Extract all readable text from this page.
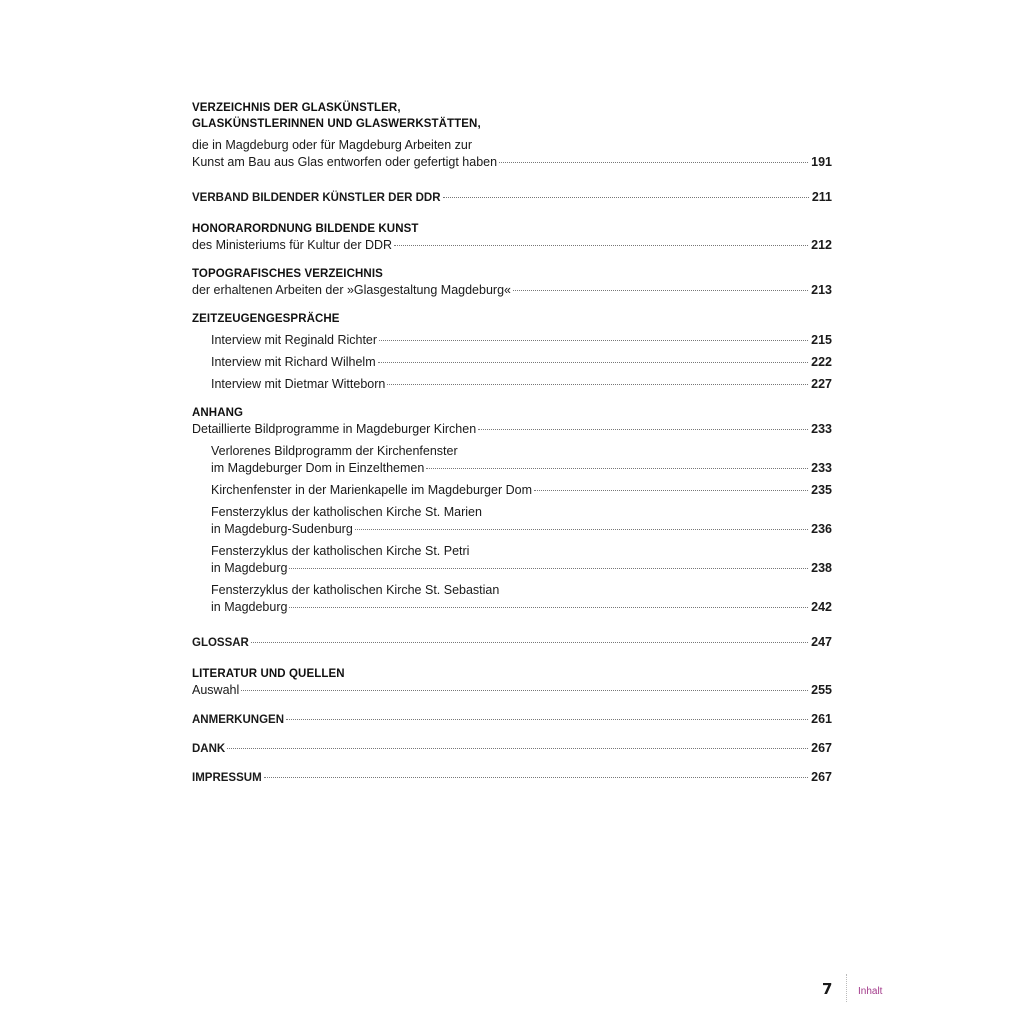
VERZEICHNIS DER GLASKÜNSTLER,
GLASKÜNSTLERINNEN UND GLASWERKSTÄTTEN,
die in Magdeburg oder für Magdeburg Arbeiten zur
Kunst am Bau aus Glas entworfen oder gefertigt haben	191
VERBAND BILDENDER KÜNSTLER DER DDR	211
HONORARORDNUNG BILDENDE KUNST
des Ministeriums für Kultur der DDR	212
TOPOGRAFISCHES VERZEICHNIS
der erhaltenen Arbeiten der »Glasgestaltung Magdeburg«	213
ZEITZEUGENGESPRÄCHE
Interview mit Reginald Richter	215
Interview mit Richard Wilhelm	222
Interview mit Dietmar Witteborn	227
ANHANG
Detaillierte Bildprogramme in Magdeburger Kirchen	233
Verlorenes Bildprogramm der Kirchenfenster
im Magdeburger Dom in Einzelthemen	233
Kirchenfenster in der Marienkapelle im Magdeburger Dom	235
Fensterzyklus der katholischen Kirche St. Marien
in Magdeburg-Sudenburg	236
Fensterzyklus der katholischen Kirche St. Petri
in Magdeburg	238
Fensterzyklus der katholischen Kirche St. Sebastian
in Magdeburg	242
GLOSSAR	247
LITERATUR UND QUELLEN
Auswahl	255
ANMERKUNGEN	261
DANK	267
IMPRESSUM	267
7	Inhalt
